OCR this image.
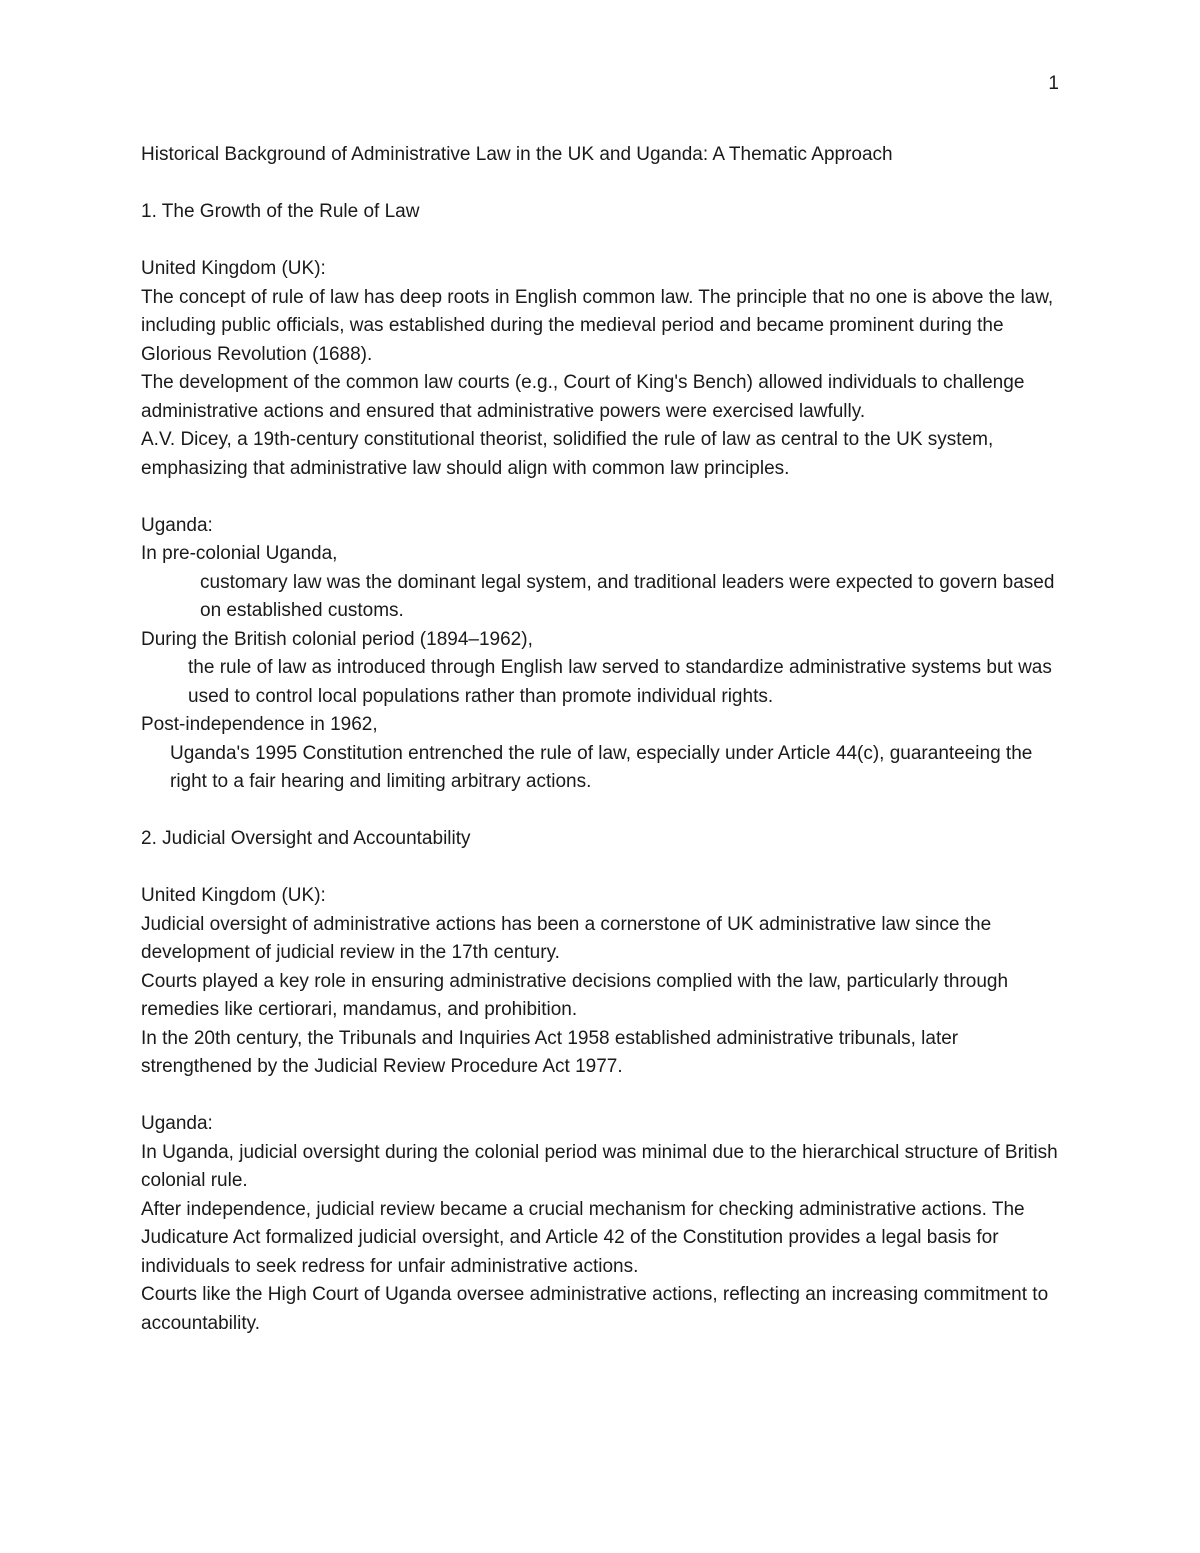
1
Historical Background of Administrative Law in the UK and Uganda: A Thematic Approach
1. The Growth of the Rule of Law
United Kingdom (UK):
The concept of rule of law has deep roots in English common law. The principle that no one is above the law, including public officials, was established during the medieval period and became prominent during the Glorious Revolution (1688).
The development of the common law courts (e.g., Court of King's Bench) allowed individuals to challenge administrative actions and ensured that administrative powers were exercised lawfully.
A.V. Dicey, a 19th-century constitutional theorist, solidified the rule of law as central to the UK system, emphasizing that administrative law should align with common law principles.
Uganda:
In pre-colonial Uganda,
customary law was the dominant legal system, and traditional leaders were expected to govern based on established customs.
During the British colonial period (1894–1962),
the rule of law as introduced through English law served to standardize administrative systems but was used to control local populations rather than promote individual rights.
Post-independence in 1962,
Uganda's 1995 Constitution entrenched the rule of law, especially under Article 44(c), guaranteeing the right to a fair hearing and limiting arbitrary actions.
2. Judicial Oversight and Accountability
United Kingdom (UK):
Judicial oversight of administrative actions has been a cornerstone of UK administrative law since the development of judicial review in the 17th century.
Courts played a key role in ensuring administrative decisions complied with the law, particularly through remedies like certiorari, mandamus, and prohibition.
In the 20th century, the Tribunals and Inquiries Act 1958 established administrative tribunals, later strengthened by the Judicial Review Procedure Act 1977.
Uganda:
In Uganda, judicial oversight during the colonial period was minimal due to the hierarchical structure of British colonial rule.
After independence, judicial review became a crucial mechanism for checking administrative actions. The Judicature Act formalized judicial oversight, and Article 42 of the Constitution provides a legal basis for individuals to seek redress for unfair administrative actions.
Courts like the High Court of Uganda oversee administrative actions, reflecting an increasing commitment to accountability.
